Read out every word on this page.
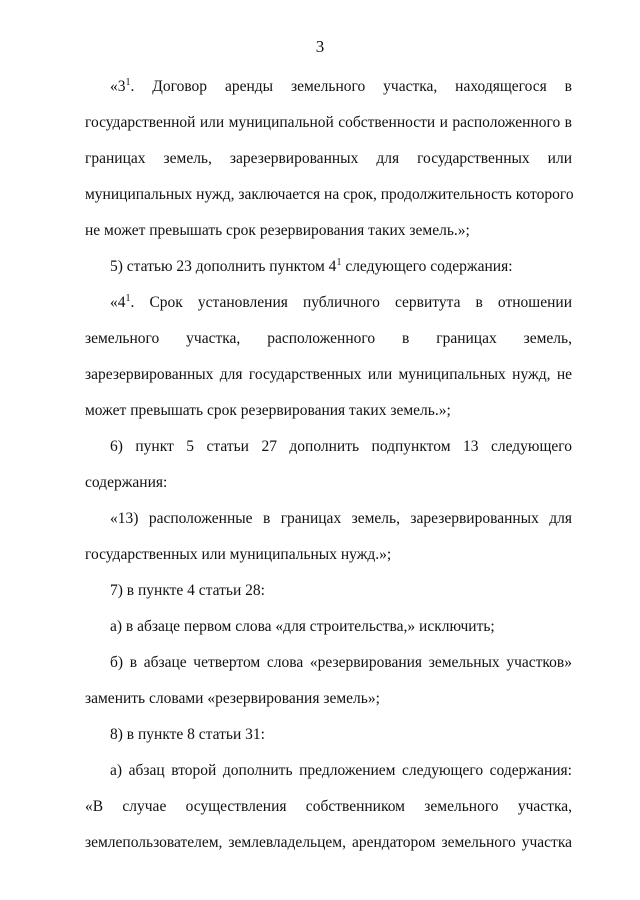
3
«$3^1$. Договор аренды земельного участка, находящегося в
государственной или муниципальной собственности и расположенного в
границах земель, зарезервированных для государственных или
муниципальных нужд, заключается на срок, продолжительность которого
не может превышать срок резервирования таких земель.»;
5) статью 23 дополнить пунктом $4^1$ следующего содержания:
«$4^1$. Срок установления публичного сервитута в отношении
земельного участка, расположенного в границах земель,
зарезервированных для государственных или муниципальных нужд, не
может превышать срок резервирования таких земель.»;
6) пункт 5 статьи 27 дополнить подпунктом 13 следующего
содержания:
«13) расположенные в границах земель, зарезервированных для
государственных или муниципальных нужд.»;
7) в пункте 4 статьи 28:
а) в абзаце первом слова «для строительства,» исключить;
б) в абзаце четвертом слова «резервирования земельных участков»
заменить словами «резервирования земель»;
8) в пункте 8 статьи 31:
а) абзац второй дополнить предложением следующего содержания:
«В случае осуществления собственником земельного участка,
землепользователем, землевладельцем, арендатором земельного участка
